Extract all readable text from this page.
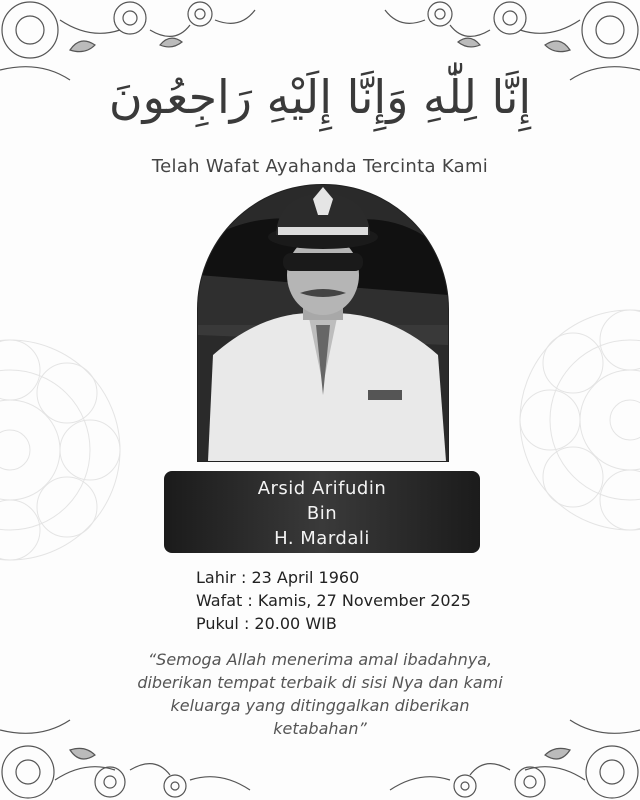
إِنَّا لِلّٰهِ وَإِنَّا إِلَيْهِ رَاجِعُونَ
Telah Wafat Ayahanda Tercinta Kami
Arsid Arifudin
Bin
H. Mardali
Lahir : 23 April 1960
Wafat : Kamis, 27 November 2025
Pukul : 20.00 WIB
“Semoga Allah menerima amal ibadahnya,
diberikan tempat terbaik di sisi Nya dan kami
keluarga yang ditinggalkan diberikan
ketabahan”
